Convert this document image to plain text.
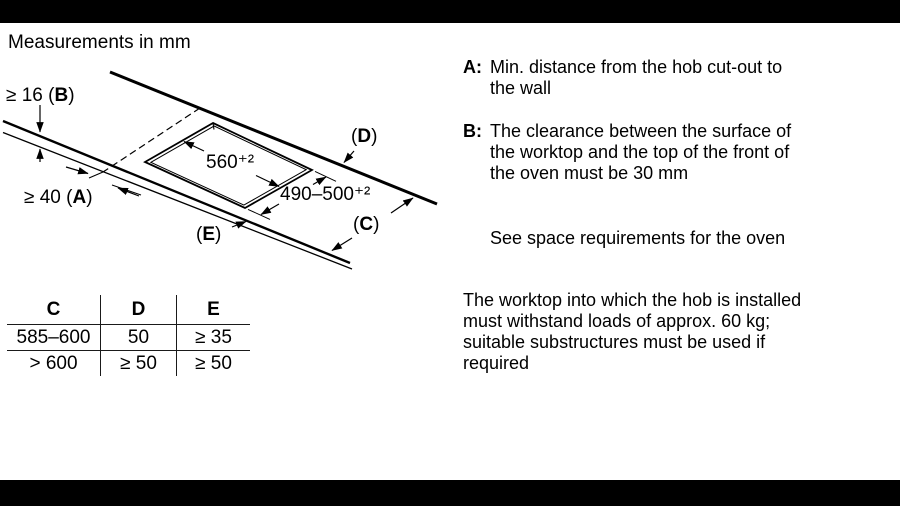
Measurements in mm
≥ 16 (B)
≥ 40 (A)
(D)
(C)
(E)
560⁺²
490–500⁺²
C	D	E
585–600	50	≥ 35
> 600	≥ 50	≥ 50
A: Min. distance from the hob cut-out to
the wall
B: The clearance between the surface of
the worktop and the top of the front of
the oven must be 30 mm
See space requirements for the oven
The worktop into which the hob is installed
must withstand loads of approx. 60 kg;
suitable substructures must be used if
required
